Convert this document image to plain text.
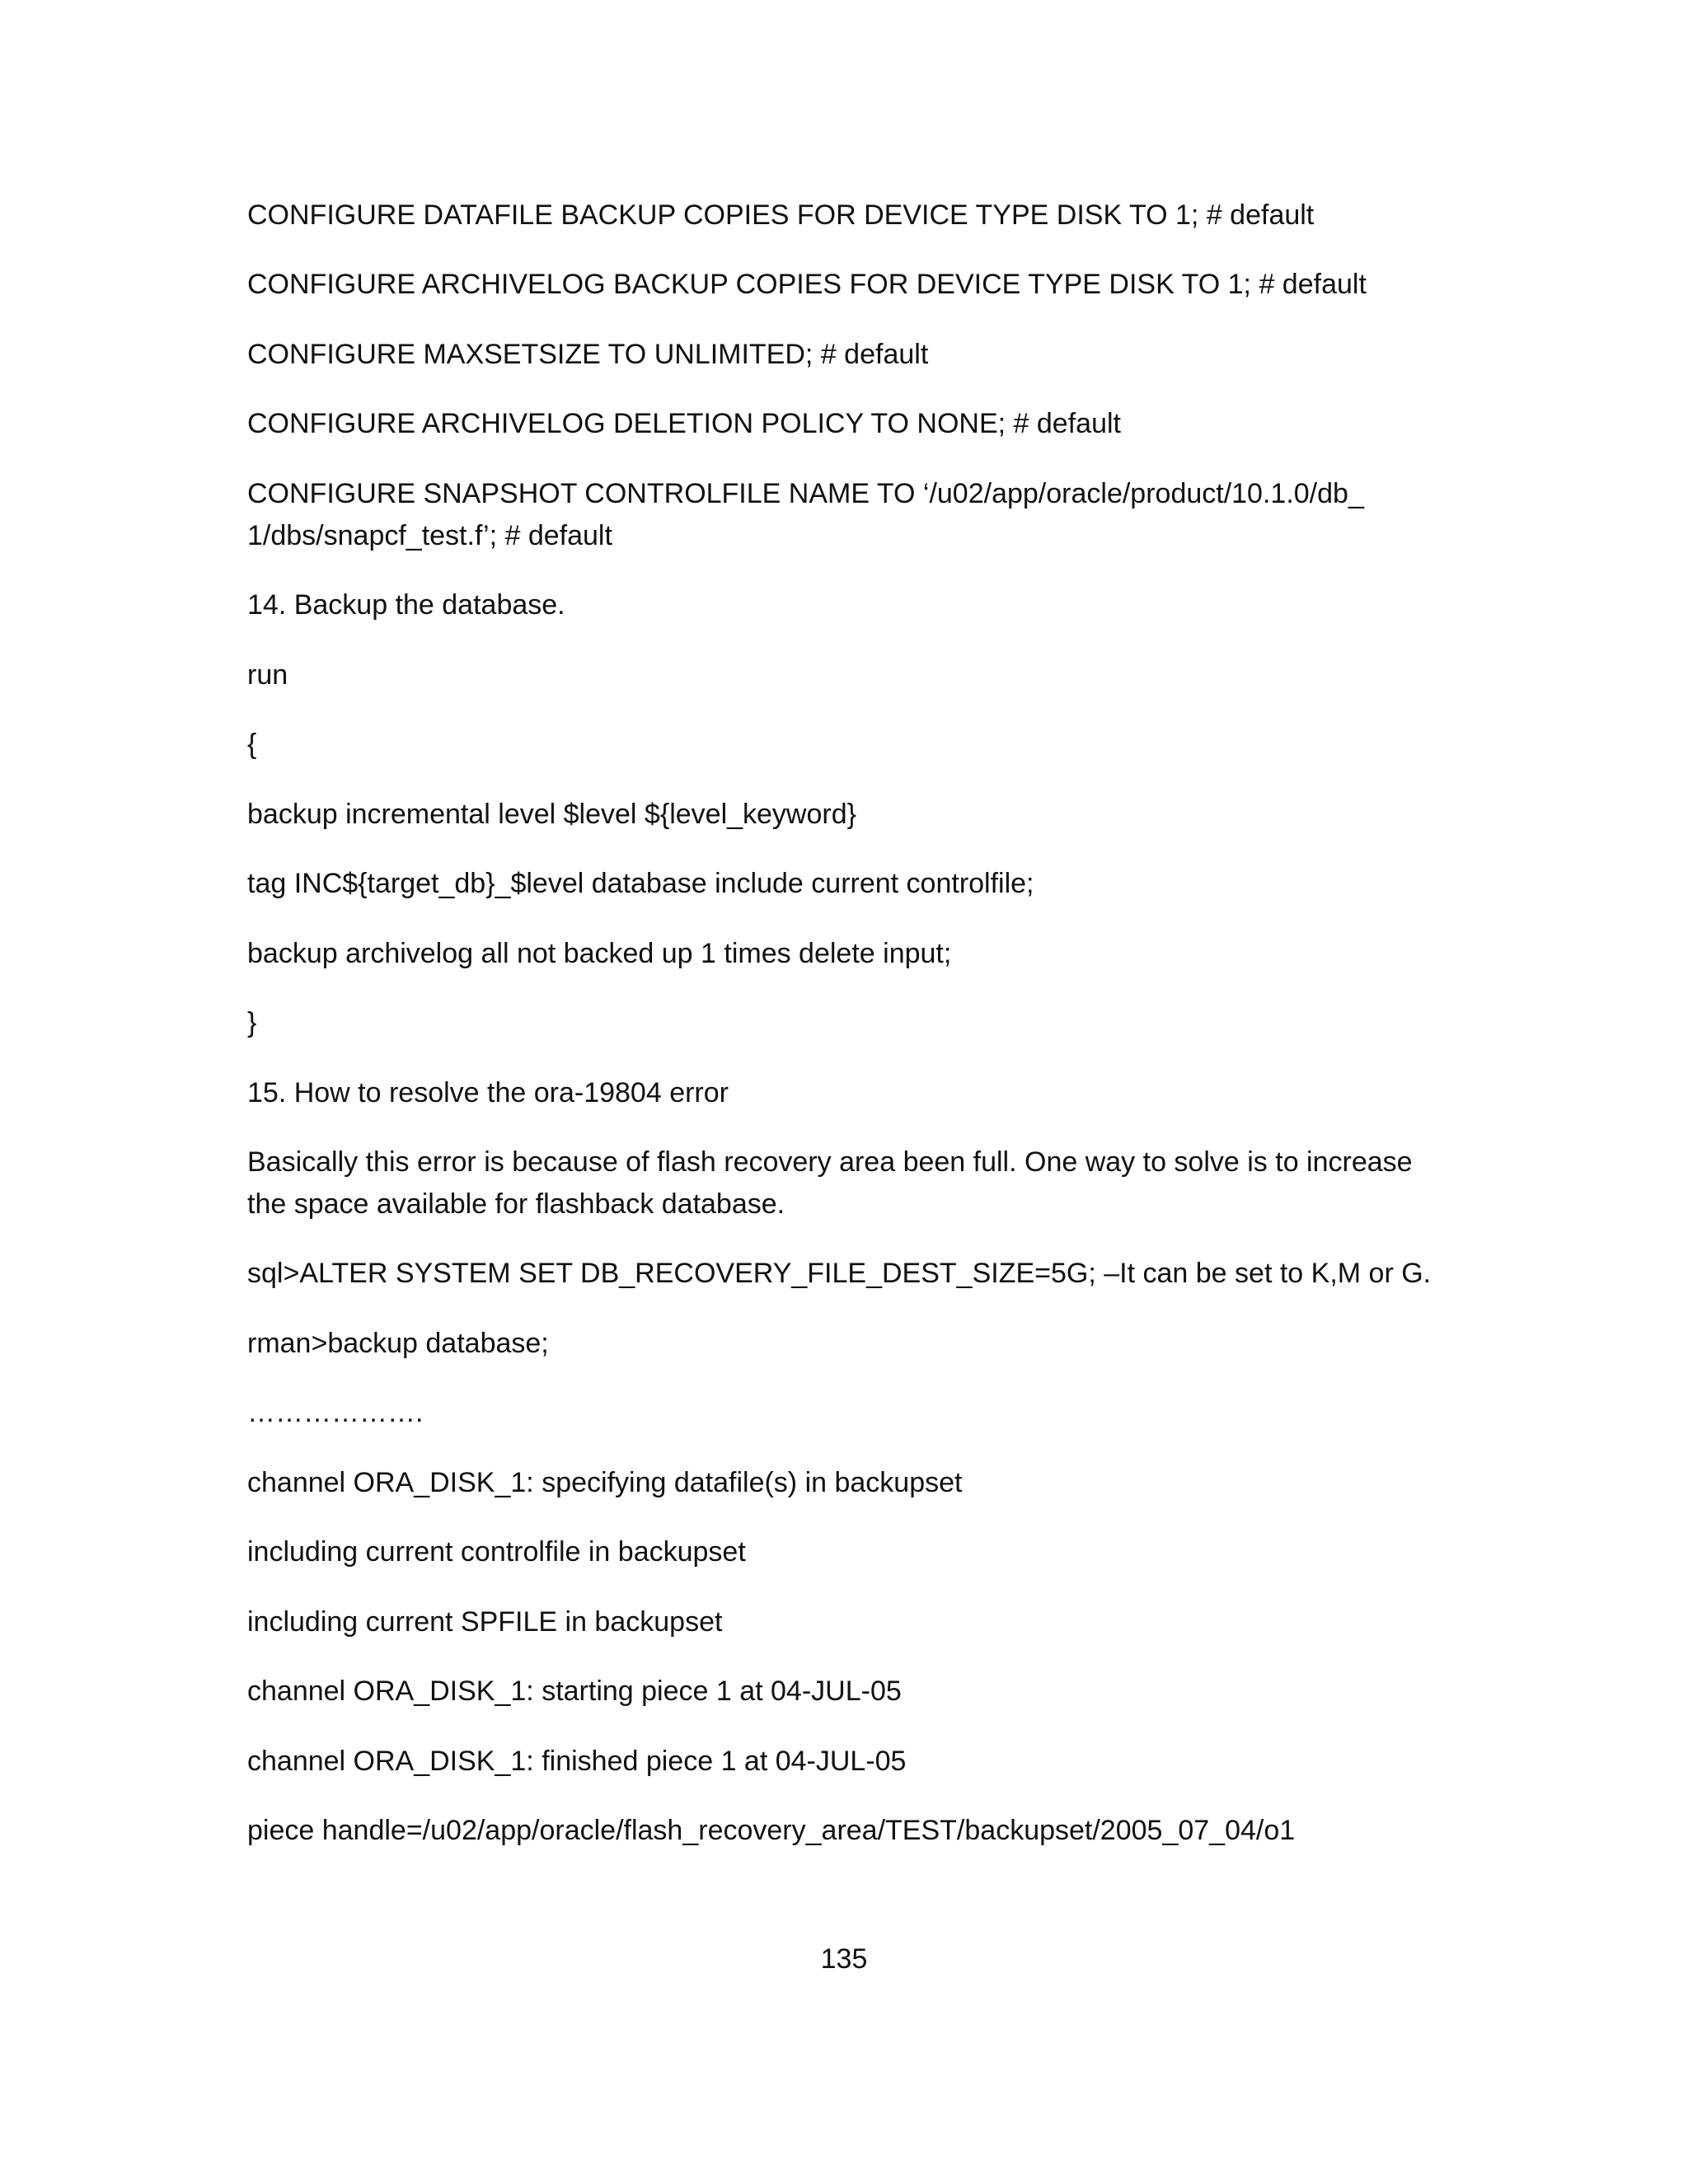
CONFIGURE DATAFILE BACKUP COPIES FOR DEVICE TYPE DISK TO 1; # default

CONFIGURE ARCHIVELOG BACKUP COPIES FOR DEVICE TYPE DISK TO 1; # default

CONFIGURE MAXSETSIZE TO UNLIMITED; # default

CONFIGURE ARCHIVELOG DELETION POLICY TO NONE; # default

CONFIGURE SNAPSHOT CONTROLFILE NAME TO ‘/u02/app/oracle/product/10.1.0/db_

1/dbs/snapcf_test.f’; # default

14. Backup the database.

run

{

backup incremental level $level ${level_keyword}

tag INC${target_db}_$level database include current controlfile;

backup archivelog all not backed up 1 times delete input;

}

15. How to resolve the ora-19804 error

Basically this error is because of flash recovery area been full. One way to solve is to increase

the space available for flashback database.

sql>ALTER SYSTEM SET DB_RECOVERY_FILE_DEST_SIZE=5G; –It can be set to K,M or G.

rman>backup database;

……………….

channel ORA_DISK_1: specifying datafile(s) in backupset

including current controlfile in backupset

including current SPFILE in backupset

channel ORA_DISK_1: starting piece 1 at 04-JUL-05

channel ORA_DISK_1: finished piece 1 at 04-JUL-05

piece handle=/u02/app/oracle/flash_recovery_area/TEST/backupset/2005_07_04/o1

135
